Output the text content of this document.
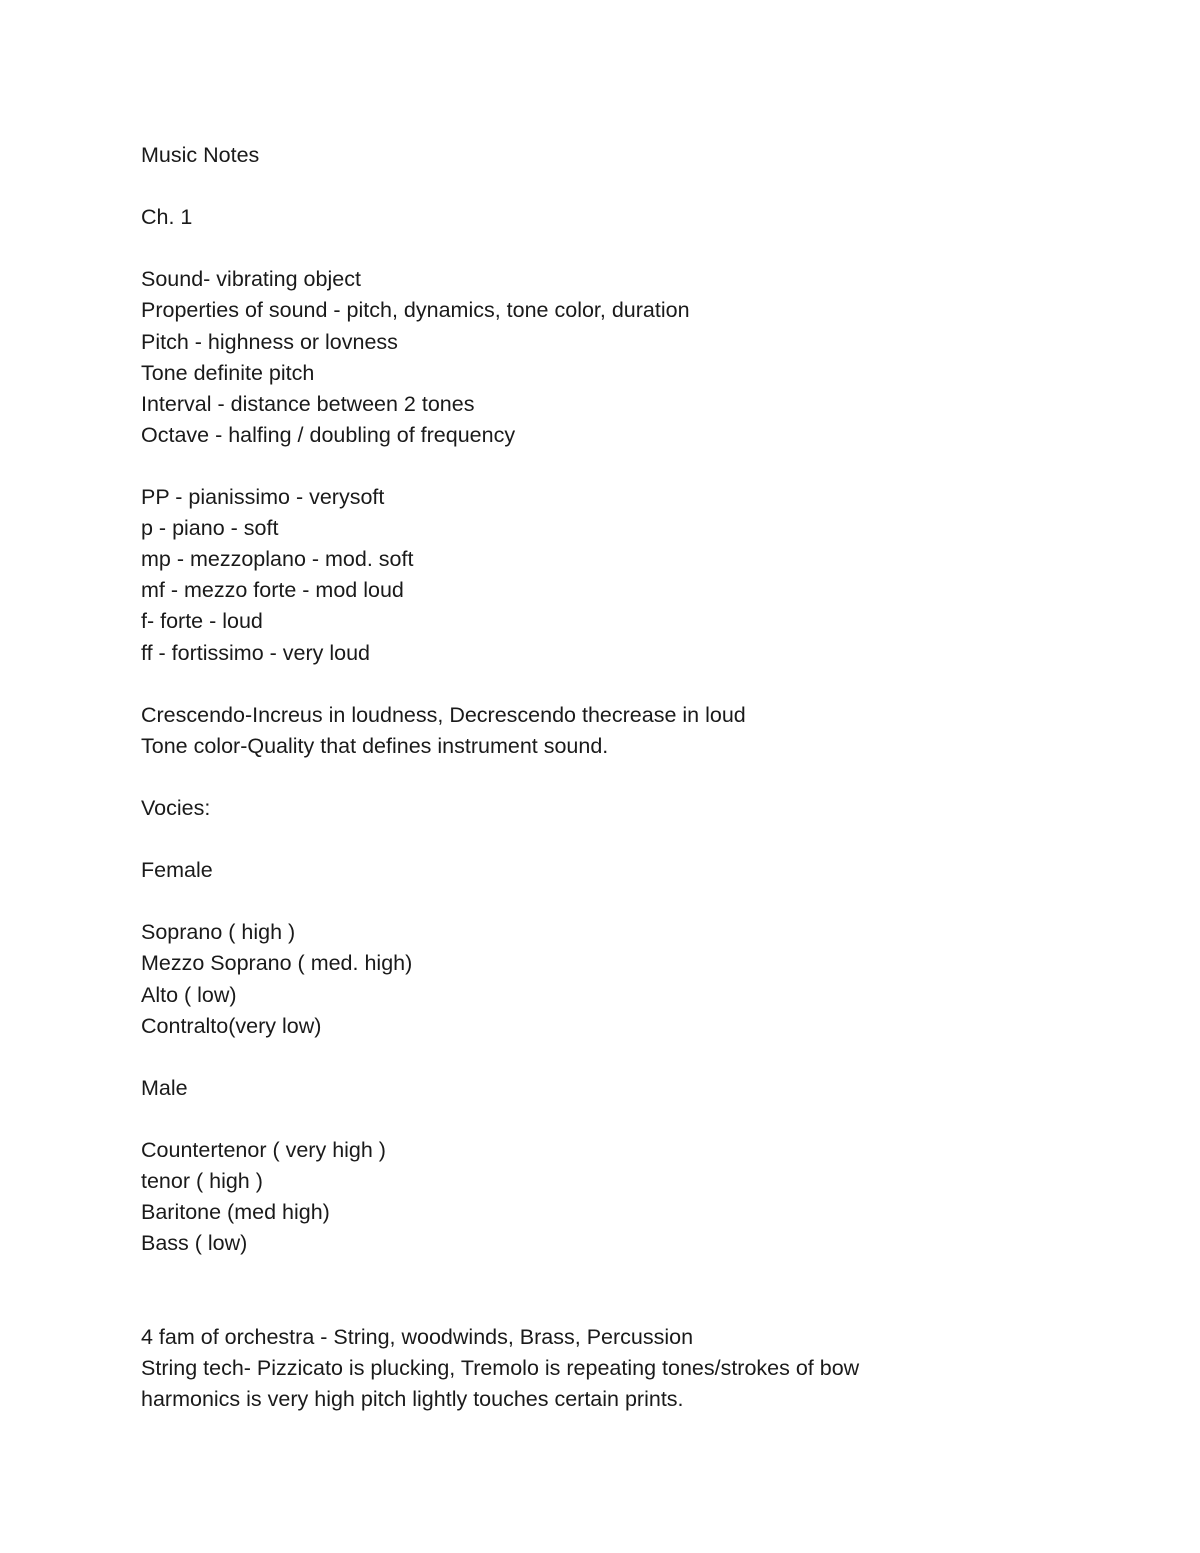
Music Notes
Ch. 1
Sound- vibrating object
Properties of sound - pitch, dynamics, tone color, duration
Pitch - highness or lovness
Tone definite pitch
Interval - distance between 2 tones
Octave - halfing / doubling of frequency
PP - pianissimo - verysoft
p - piano - soft
mp - mezzoplano - mod. soft
mf - mezzo forte - mod loud
f- forte - loud
ff - fortissimo - very loud
Crescendo-Increus in loudness, Decrescendo thecrease in loud
Tone color-Quality that defines instrument sound.
Vocies:
Female
Soprano ( high )
Mezzo Soprano ( med. high)
Alto ( low)
Contralto(very low)
Male
Countertenor ( very high )
tenor ( high )
Baritone (med high)
Bass ( low)
4 fam of orchestra - String, woodwinds, Brass, Percussion
String tech- Pizzicato is plucking, Tremolo is repeating tones/strokes of bow
harmonics is very high pitch lightly touches certain prints.
